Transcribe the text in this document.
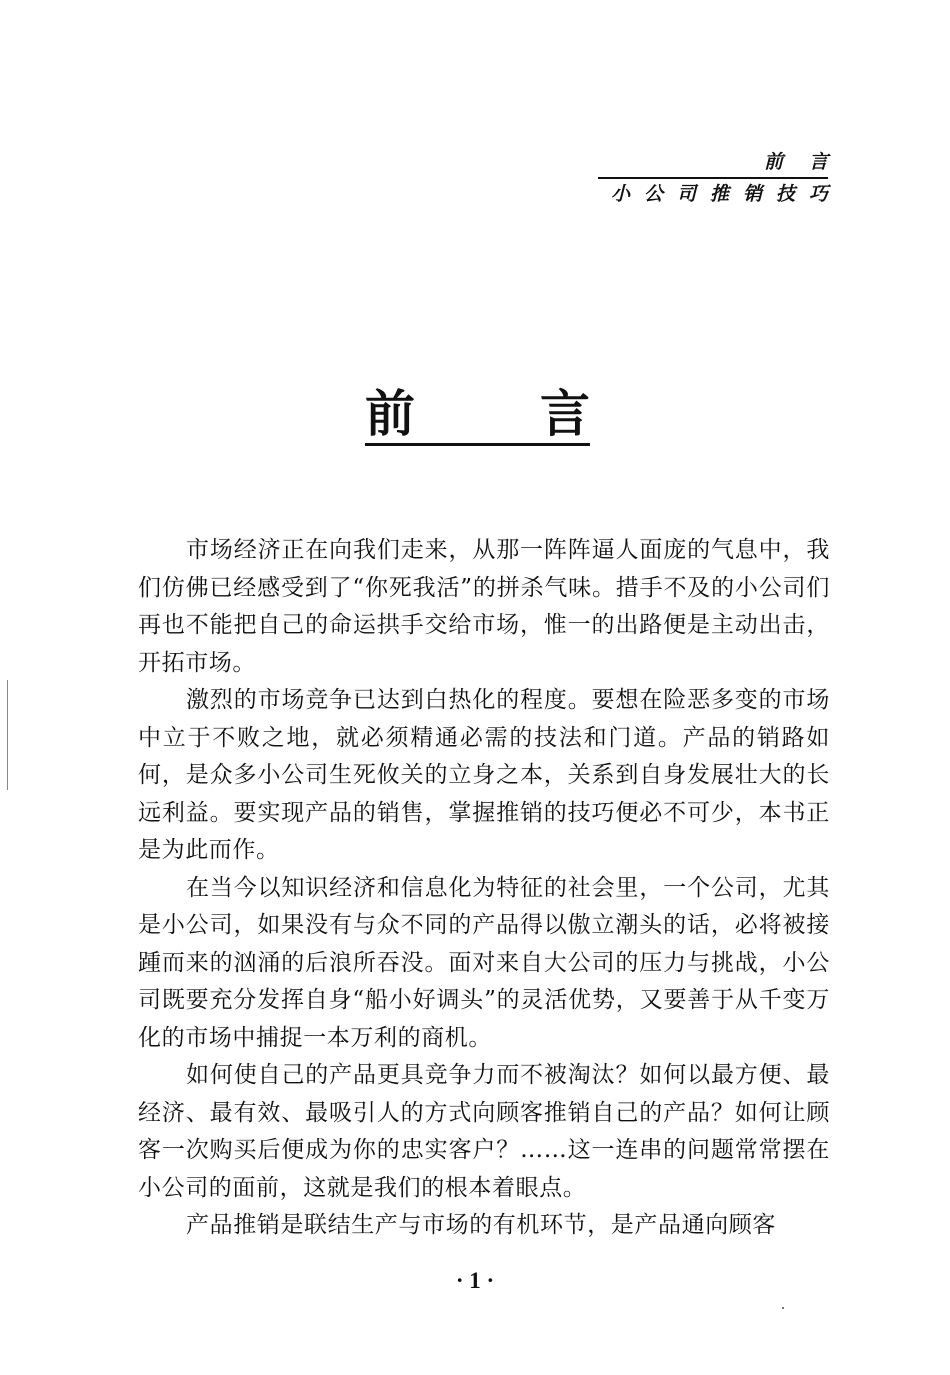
前言
小公司推销技巧
前	言

市场经济正在向我们走来，从那一阵阵逼人面庞的气息中，我们仿佛已经感受到了“你死我活”的拼杀气味。措手不及的小公司们再也不能把自己的命运拱手交给市场，惟一的出路便是主动出击，开拓市场。

激烈的市场竞争已达到白热化的程度。要想在险恶多变的市场中立于不败之地，就必须精通必需的技法和门道。产品的销路如何，是众多小公司生死攸关的立身之本，关系到自身发展壮大的长远利益。要实现产品的销售，掌握推销的技巧便必不可少，本书正是为此而作。

在当今以知识经济和信息化为特征的社会里，一个公司，尤其是小公司，如果没有与众不同的产品得以傲立潮头的话，必将被接踵而来的汹涌的后浪所吞没。面对来自大公司的压力与挑战，小公司既要充分发挥自身“船小好调头”的灵活优势，又要善于从千变万化的市场中捕捉一本万利的商机。

如何使自己的产品更具竞争力而不被淘汰？如何以最方便、最经济、最有效、最吸引人的方式向顾客推销自己的产品？如何让顾客一次购买后便成为你的忠实客户？……这一连串的问题常常摆在小公司的面前，这就是我们的根本着眼点。

产品推销是联结生产与市场的有机环节，是产品通向顾客

· 1 ·
